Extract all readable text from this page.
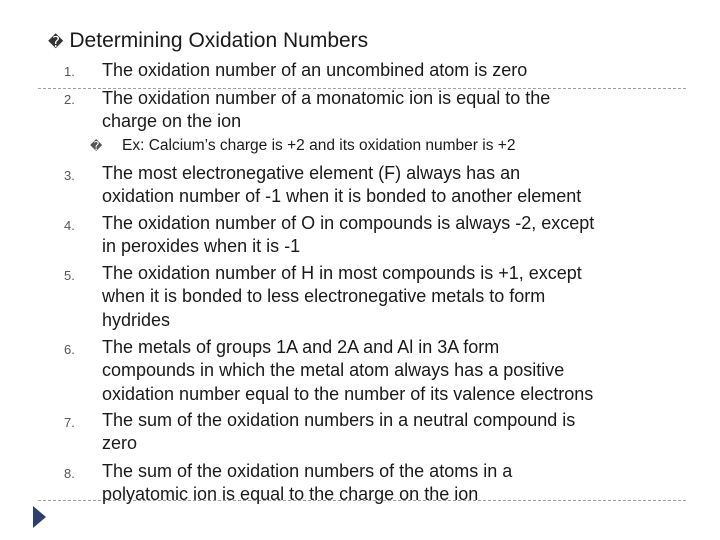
� Determining Oxidation Numbers
1. The oxidation number of an uncombined atom is zero
2. The oxidation number of a monatomic ion is equal to the
charge on the ion
� Ex: Calcium’s charge is +2 and its oxidation number is +2
3. The most electronegative element (F) always has an
oxidation number of -1 when it is bonded to another element
4. The oxidation number of O in compounds is always -2, except
in peroxides when it is -1
5. The oxidation number of H in most compounds is +1, except
when it is bonded to less electronegative metals to form
hydrides
6. The metals of groups 1A and 2A and Al in 3A form
compounds in which the metal atom always has a positive
oxidation number equal to the number of its valence electrons
7. The sum of the oxidation numbers in a neutral compound is
zero
8. The sum of the oxidation numbers of the atoms in a
polyatomic ion is equal to the charge on the ion
